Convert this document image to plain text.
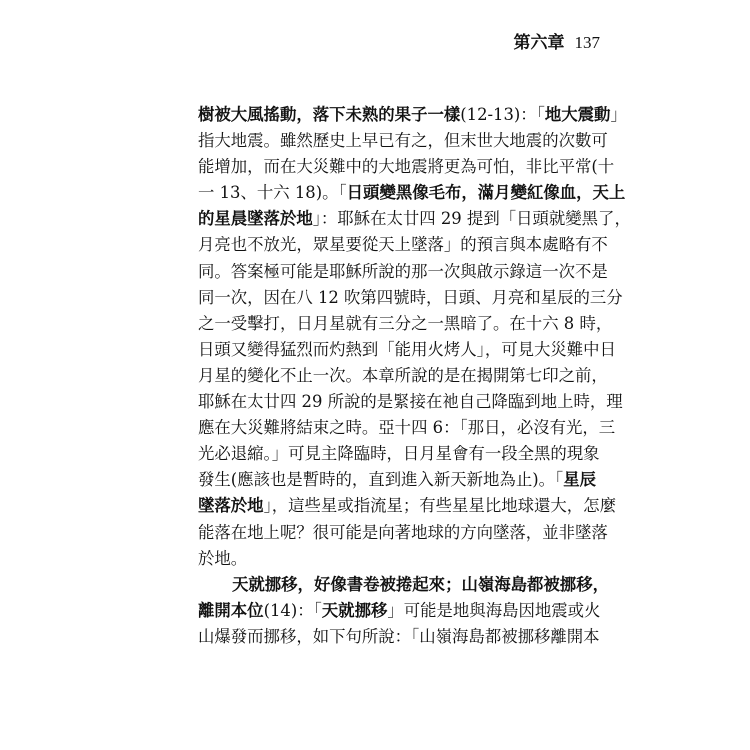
第六章 137
樹被大風搖動，落下未熟的果子一樣(12-13)：「地大震動」
指大地震。雖然歷史上早已有之，但末世大地震的次數可
能增加，而在大災難中的大地震將更為可怕，非比平常(十
一 13、十六 18)。「日頭變黑像毛布，滿月變紅像血，天上
的星晨墜落於地」：耶穌在太廿四 29 提到「日頭就變黑了，
月亮也不放光，眾星要從天上墜落」的預言與本處略有不
同。答案極可能是耶穌所說的那一次與啟示錄這一次不是
同一次，因在八 12 吹第四號時，日頭、月亮和星辰的三分
之一受擊打，日月星就有三分之一黑暗了。在十六 8 時，
日頭又變得猛烈而灼熱到「能用火烤人」，可見大災難中日
月星的變化不止一次。本章所說的是在揭開第七印之前，
耶穌在太廿四 29 所說的是緊接在祂自己降臨到地上時，理
應在大災難將結束之時。亞十四 6：「那日，必沒有光，三
光必退縮。」可見主降臨時，日月星會有一段全黑的現象
發生(應該也是暫時的，直到進入新天新地為止)。「星辰
墜落於地」，這些星或指流星；有些星星比地球還大，怎麼
能落在地上呢？很可能是向著地球的方向墜落，並非墜落
於地。
天就挪移，好像書卷被捲起來；山嶺海島都被挪移，
離開本位(14)：「天就挪移」可能是地與海島因地震或火
山爆發而挪移，如下句所說：「山嶺海島都被挪移離開本
